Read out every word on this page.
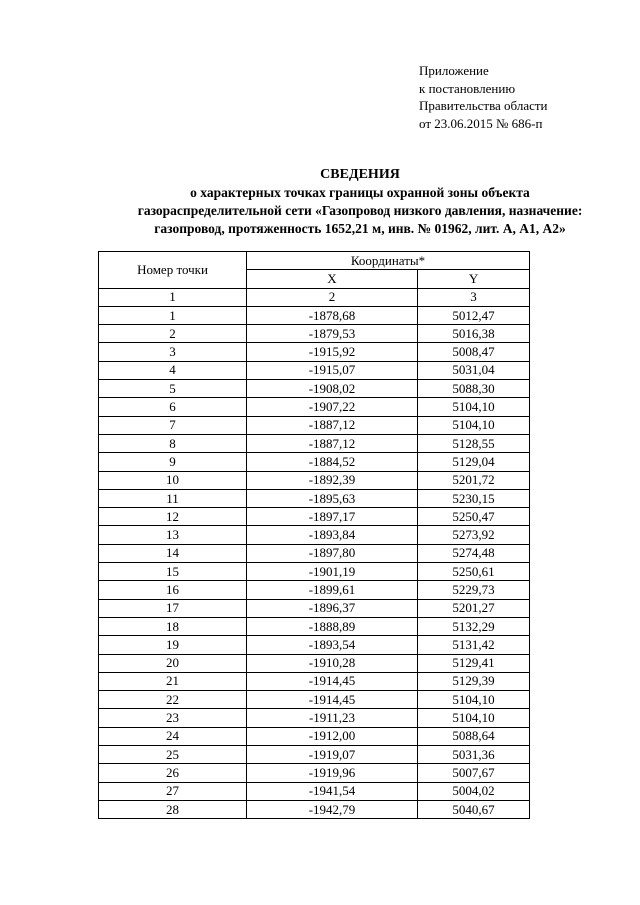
Приложение
к постановлению
Правительства области
от 23.06.2015 № 686-п
СВЕДЕНИЯ
о характерных точках границы охранной зоны объекта
газораспределительной сети «Газопровод низкого давления, назначение:
газопровод, протяженность 1652,21 м, инв. № 01962, лит. А, А1, А2»
Номер точки	Координаты*	
	X	Y
1	2	3
1	-1878,68	5012,47
2	-1879,53	5016,38
3	-1915,92	5008,47
4	-1915,07	5031,04
5	-1908,02	5088,30
6	-1907,22	5104,10
7	-1887,12	5104,10
8	-1887,12	5128,55
9	-1884,52	5129,04
10	-1892,39	5201,72
11	-1895,63	5230,15
12	-1897,17	5250,47
13	-1893,84	5273,92
14	-1897,80	5274,48
15	-1901,19	5250,61
16	-1899,61	5229,73
17	-1896,37	5201,27
18	-1888,89	5132,29
19	-1893,54	5131,42
20	-1910,28	5129,41
21	-1914,45	5129,39
22	-1914,45	5104,10
23	-1911,23	5104,10
24	-1912,00	5088,64
25	-1919,07	5031,36
26	-1919,96	5007,67
27	-1941,54	5004,02
28	-1942,79	5040,67
